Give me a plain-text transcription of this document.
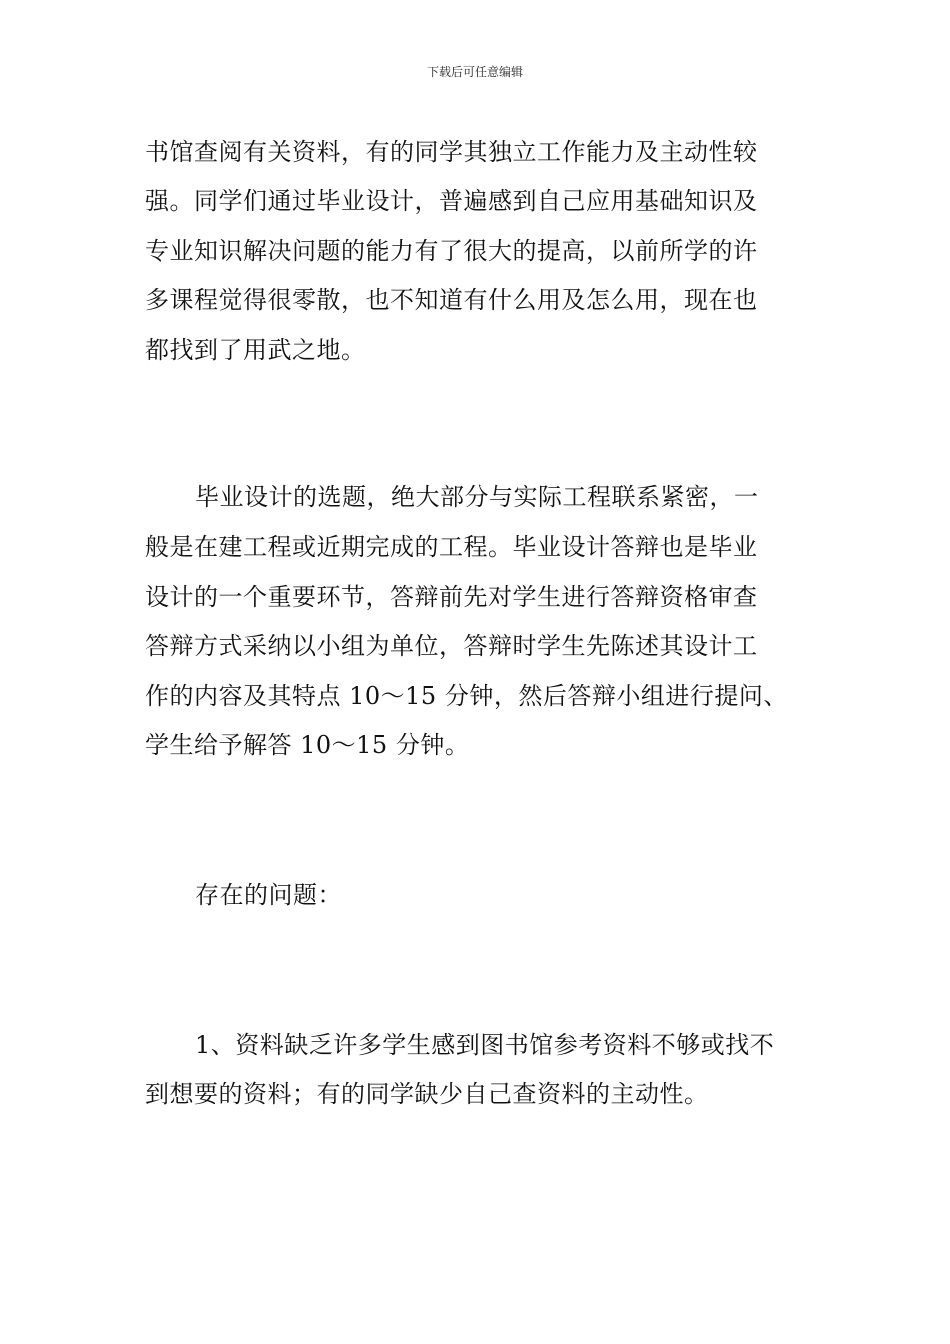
下载后可任意编辑
书馆查阅有关资料，有的同学其独立工作能力及主动性较
强。同学们通过毕业设计，普遍感到自己应用基础知识及
专业知识解决问题的能力有了很大的提高，以前所学的许
多课程觉得很零散，也不知道有什么用及怎么用，现在也
都找到了用武之地。
毕业设计的选题，绝大部分与实际工程联系紧密，一
般是在建工程或近期完成的工程。毕业设计答辩也是毕业
设计的一个重要环节，答辩前先对学生进行答辩资格审查
答辩方式采纳以小组为单位，答辩时学生先陈述其设计工
作的内容及其特点 10～15 分钟，然后答辩小组进行提问、
学生给予解答 10～15 分钟。
存在的问题：
1、资料缺乏许多学生感到图书馆参考资料不够或找不
到想要的资料；有的同学缺少自己查资料的主动性。
